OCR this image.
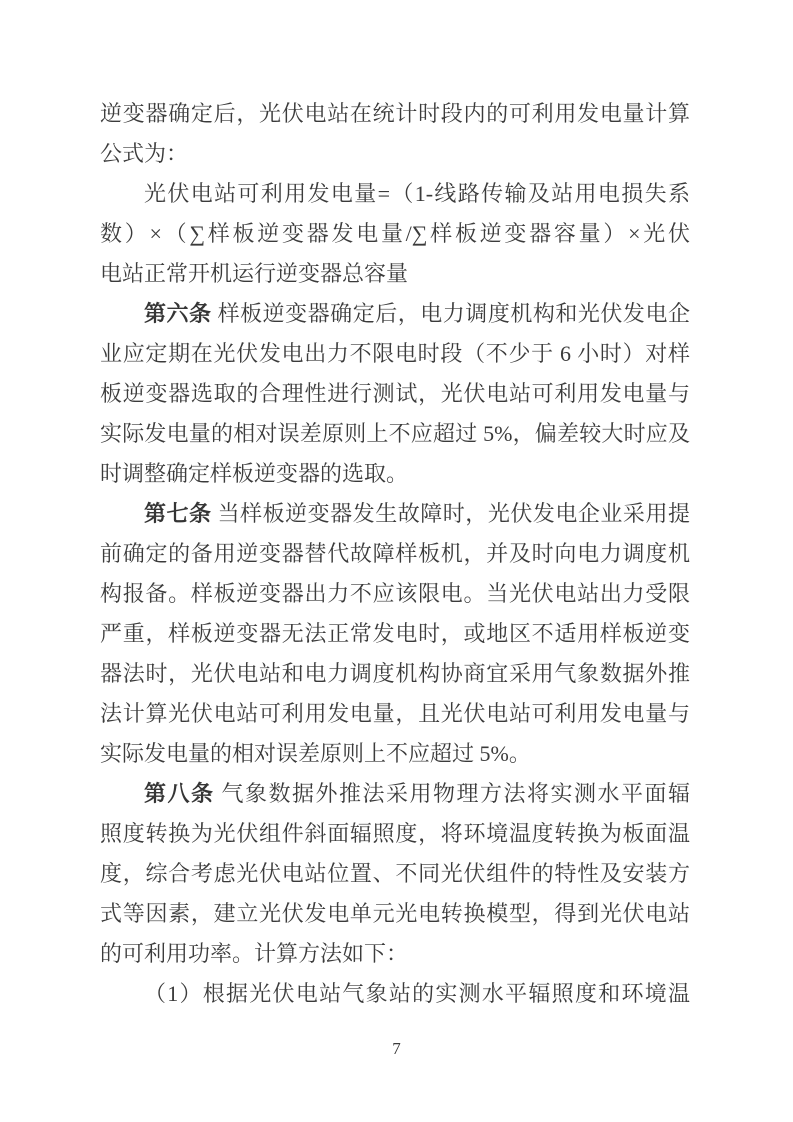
逆变器确定后，光伏电站在统计时段内的可利用发电量计算
公式为：
光伏电站可利用发电量=（1-线路传输及站用电损失系
数）×（∑样板逆变器发电量/∑样板逆变器容量）×光伏
电站正常开机运行逆变器总容量
第六条 样板逆变器确定后，电力调度机构和光伏发电企
业应定期在光伏发电出力不限电时段（不少于 6 小时）对样
板逆变器选取的合理性进行测试，光伏电站可利用发电量与
实际发电量的相对误差原则上不应超过 5%，偏差较大时应及
时调整确定样板逆变器的选取。
第七条 当样板逆变器发生故障时，光伏发电企业采用提
前确定的备用逆变器替代故障样板机，并及时向电力调度机
构报备。样板逆变器出力不应该限电。当光伏电站出力受限
严重，样板逆变器无法正常发电时，或地区不适用样板逆变
器法时，光伏电站和电力调度机构协商宜采用气象数据外推
法计算光伏电站可利用发电量，且光伏电站可利用发电量与
实际发电量的相对误差原则上不应超过 5%。
第八条 气象数据外推法采用物理方法将实测水平面辐
照度转换为光伏组件斜面辐照度，将环境温度转换为板面温
度，综合考虑光伏电站位置、不同光伏组件的特性及安装方
式等因素，建立光伏发电单元光电转换模型，得到光伏电站
的可利用功率。计算方法如下：
（1）根据光伏电站气象站的实测水平辐照度和环境温
7
